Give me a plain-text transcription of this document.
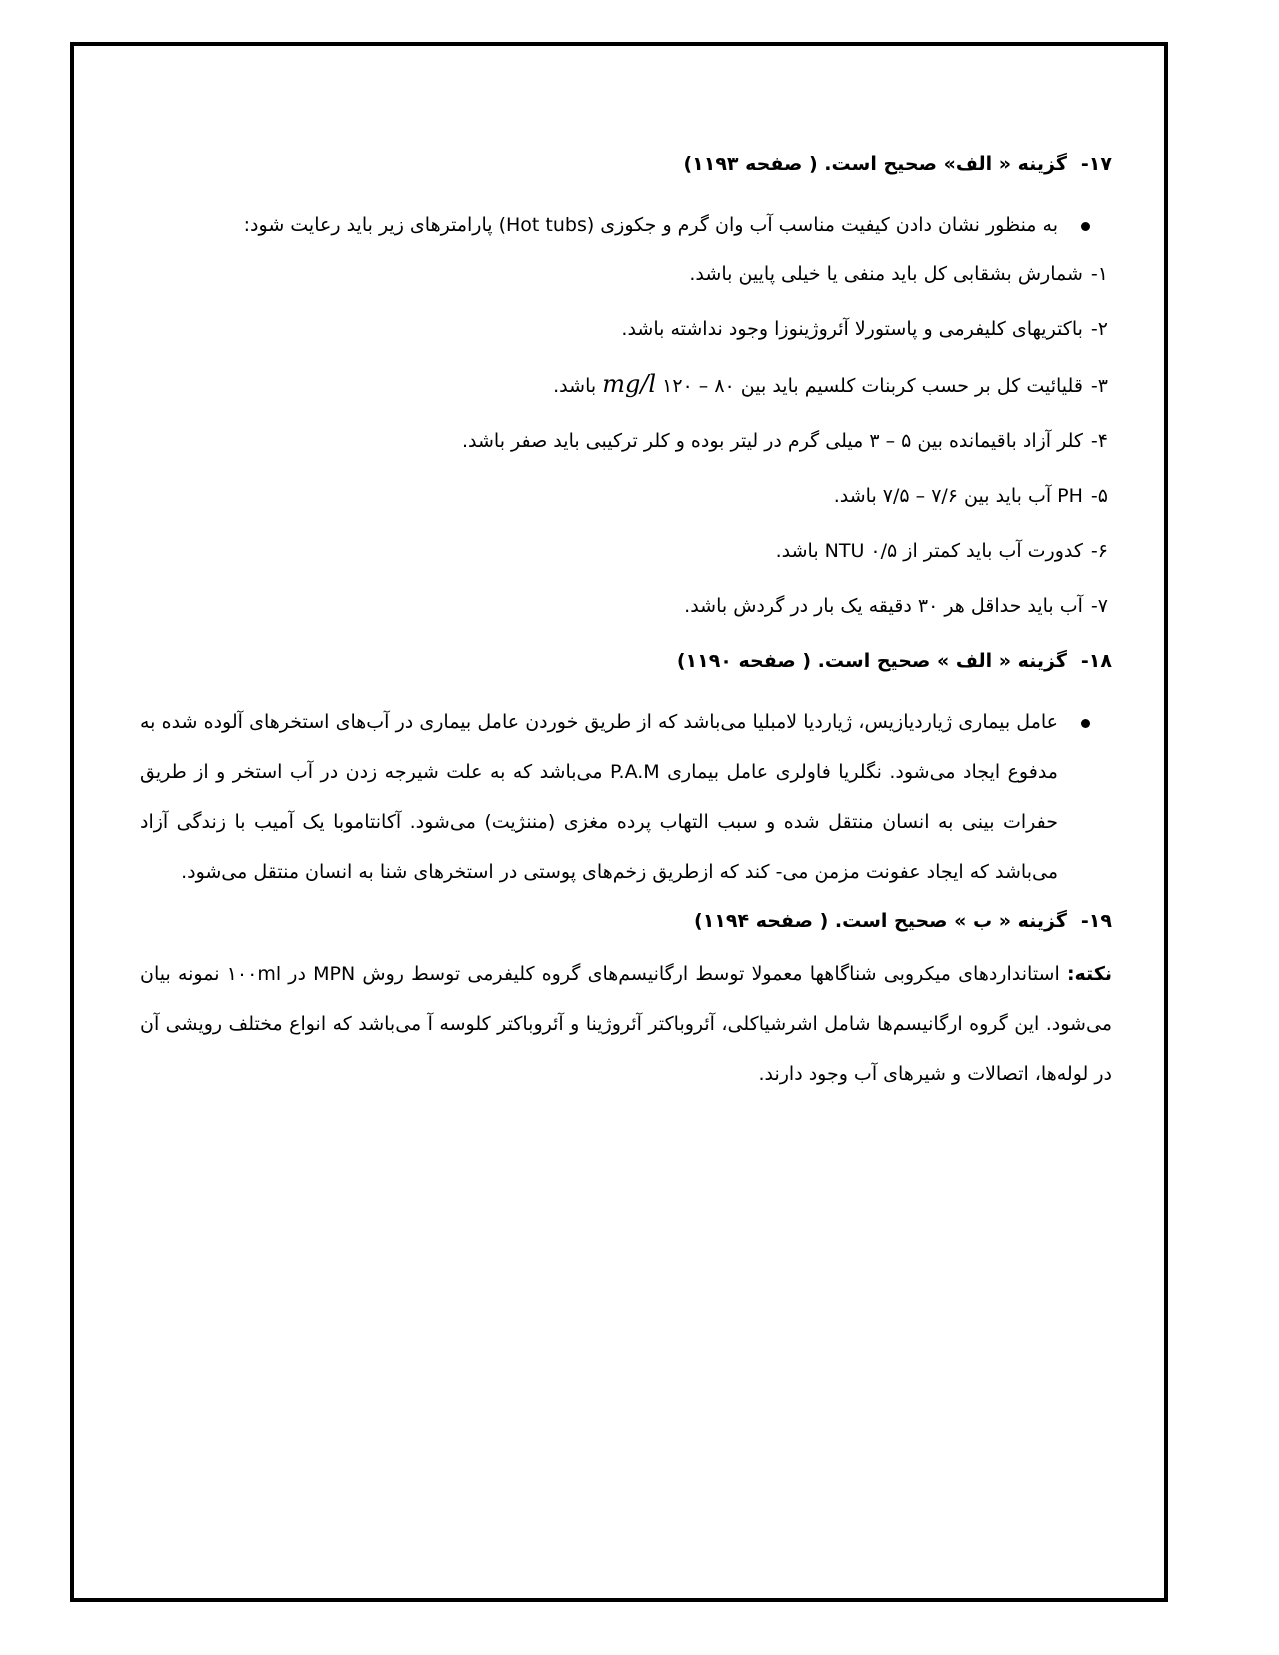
۱۷-گزینه « الف» صحیح است. ( صفحه ۱۱۹۳)
به منظور نشان دادن کیفیت مناسب آب وان گرم و جکوزی (Hot tubs) پارامترهای زیر باید رعایت شود:
۱-شمارش بشقابی کل باید منفی یا خیلی پایین باشد.
۲-باکتریهای کلیفرمی و پاستورلا آئروژینوزا وجود نداشته باشد.
۳-قلیائیت کل بر حسب کربنات کلسیم باید بین mg/l ۱۲۰ – ۸۰ باشد.
۴-کلر آزاد باقیمانده بین ۵ – ۳ میلی گرم در لیتر بوده و کلر ترکیبی باید صفر باشد.
۵-PH آب باید بین ۷/۶ – ۷/۵ باشد.
۶-کدورت آب باید کمتر از NTU ۰/۵ باشد.
۷-آب باید حداقل هر ۳۰ دقیقه یک بار در گردش باشد.
۱۸-گزینه « الف » صحیح است. ( صفحه ۱۱۹۰)
عامل بیماری ژیاردیازیس، ژیاردیا لامبلیا می‌باشد که از طریق خوردن عامل بیماری در آب‌های استخرهای آلوده شده به مدفوع ایجاد می‌شود. نگلریا فاولری عامل بیماری P.A.M می‌باشد که به علت شیرجه زدن در آب استخر و از طریق حفرات بینی به انسان منتقل شده و سبب التهاب پرده مغزی (مننژیت) می‌شود. آکانتاموبا یک آمیب با زندگی آزاد می‌باشد که ایجاد عفونت مزمن می- کند که ازطریق زخم‌های پوستی در استخرهای شنا به انسان منتقل می‌شود.
۱۹-گزینه « ب » صحیح است. ( صفحه ۱۱۹۴)
نکته: استانداردهای میکروبی شناگاهها معمولا توسط ارگانیسم‌های گروه کلیفرمی توسط روش MPN در ۱۰۰ml نمونه بیان می‌شود. این گروه ارگانیسم‌ها شامل اشرشیاکلی، آئروباکتر آئروژینا و آئروباکتر کلوسه آ می‌باشد که انواع مختلف رویشی آن در لوله‌ها، اتصالات و شیرهای آب وجود دارند.
